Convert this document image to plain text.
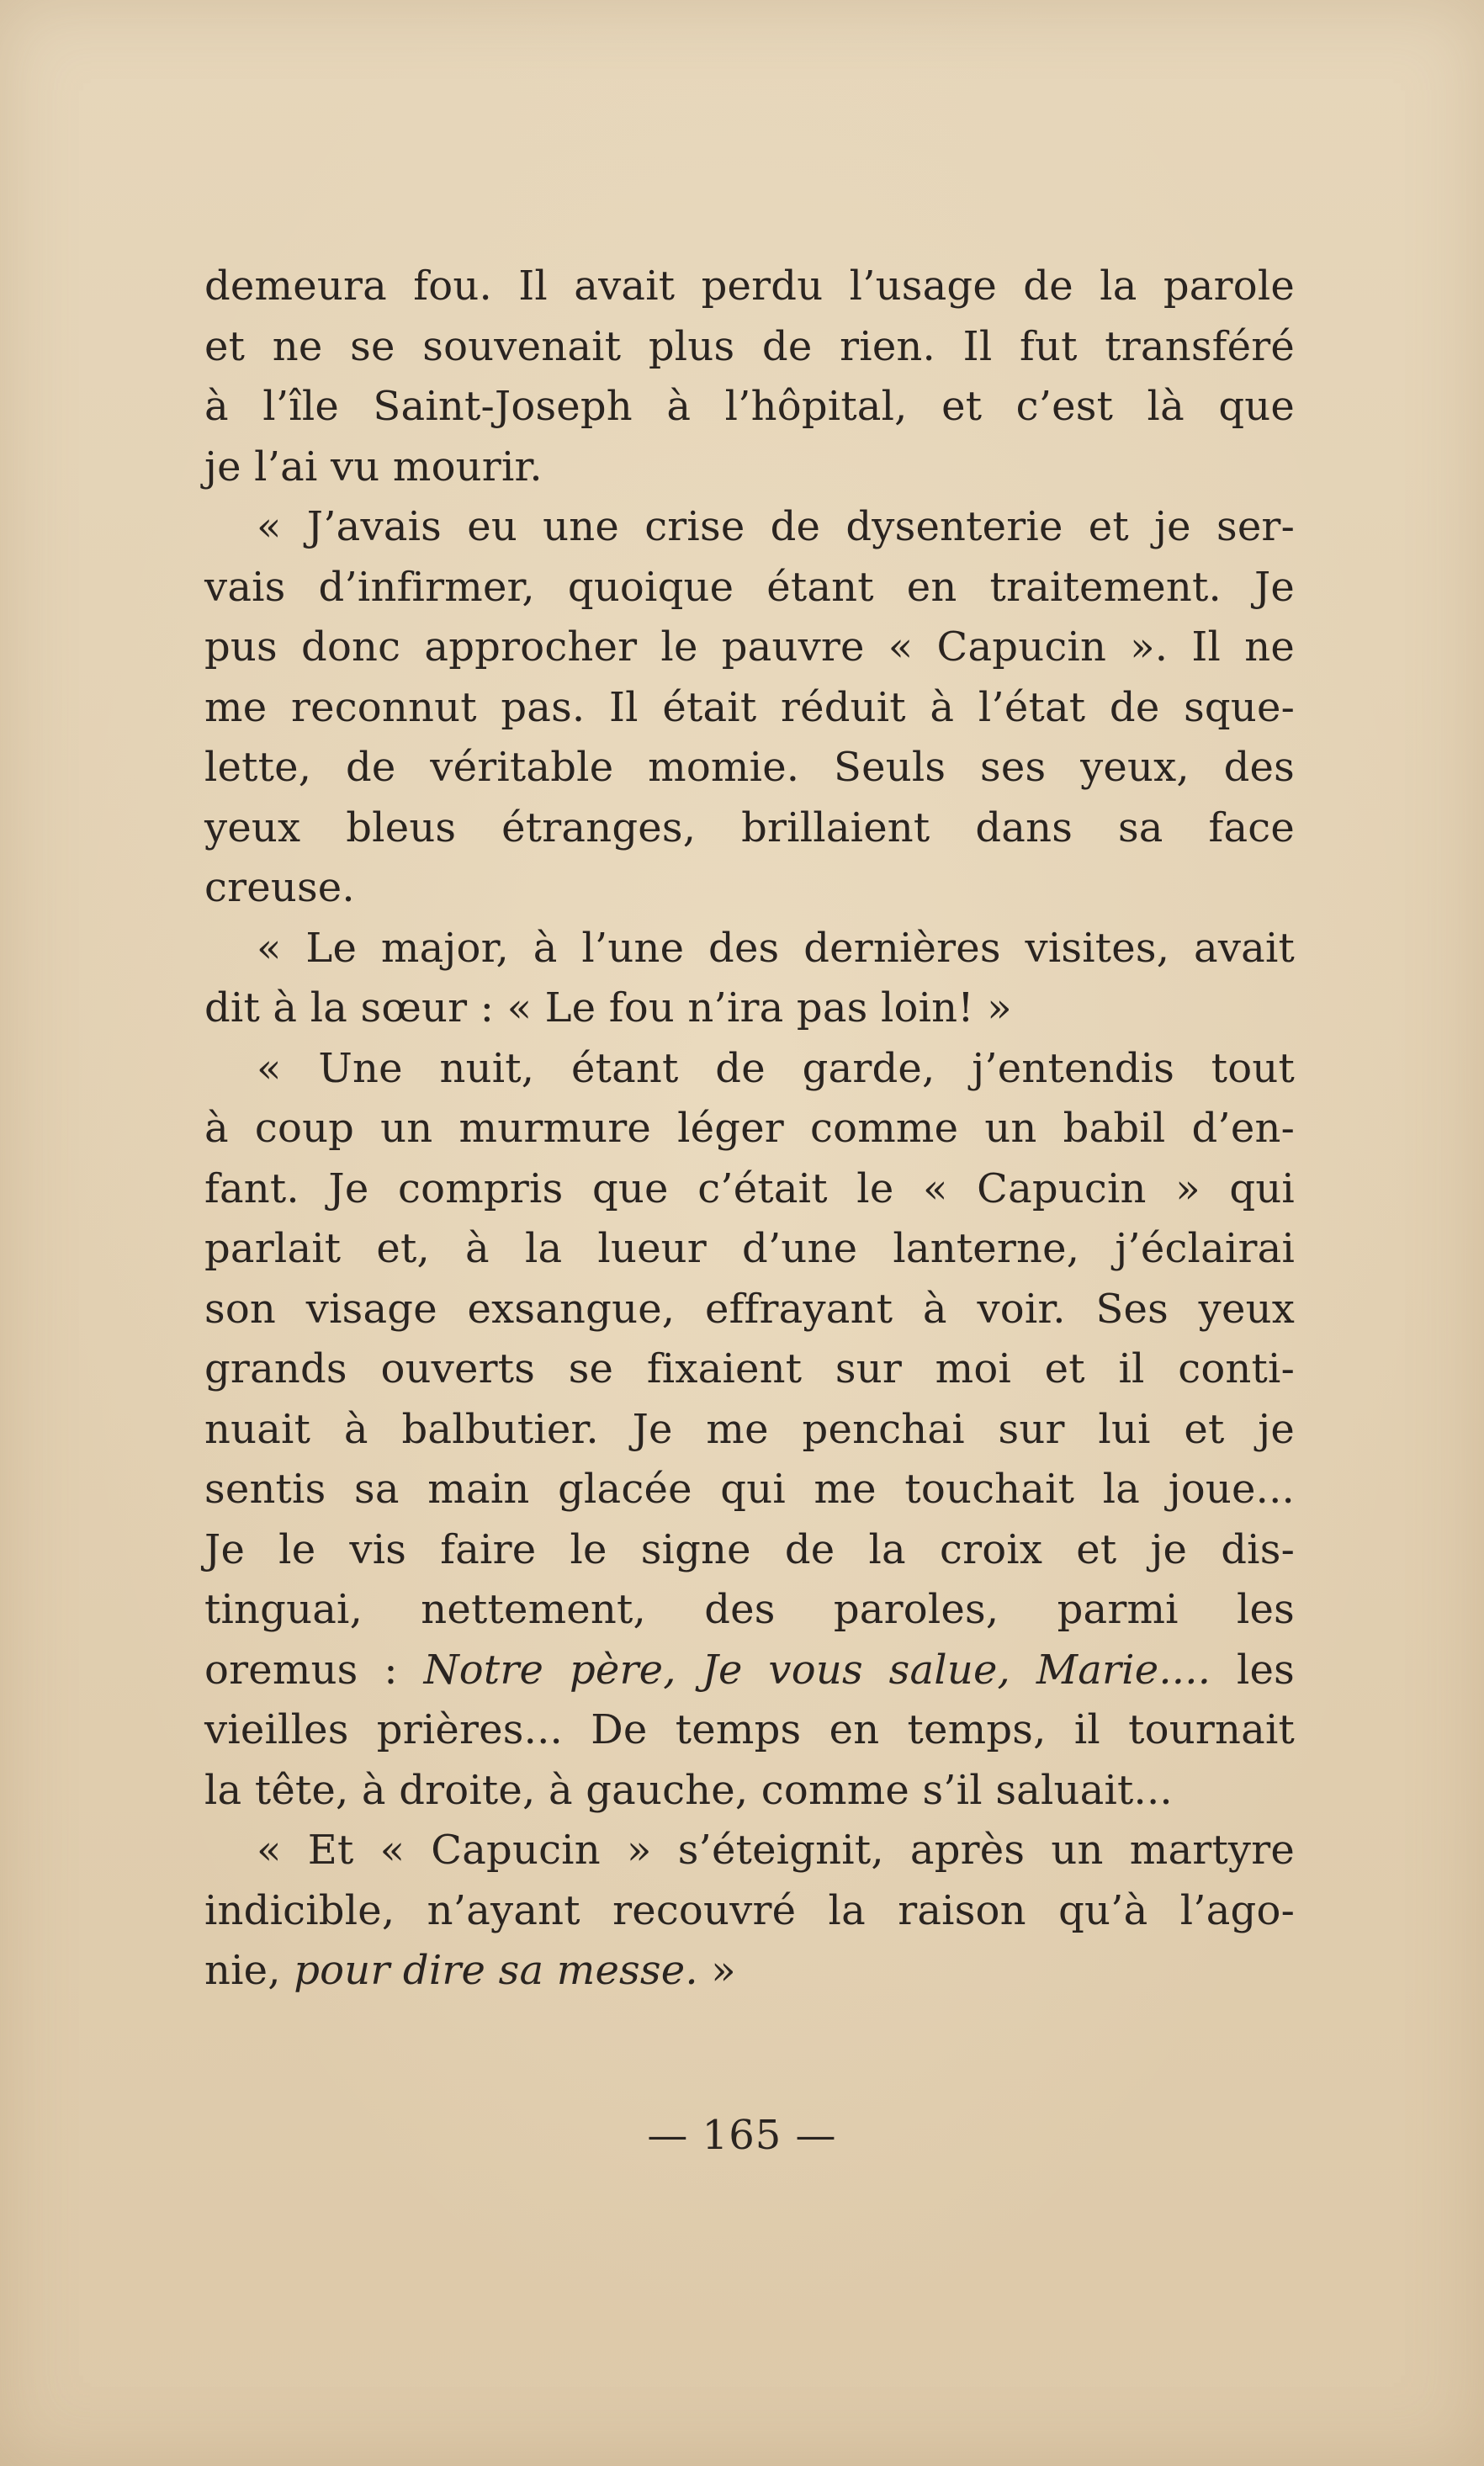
demeura fou. Il avait perdu l’usage de la parole
et ne se souvenait plus de rien. Il fut transféré
à l’île Saint-Joseph à l’hôpital, et c’est là que
je l’ai vu mourir.
« J’avais eu une crise de dysenterie et je ser-
vais d’infirmer, quoique étant en traitement. Je
pus donc approcher le pauvre « Capucin ». Il ne
me reconnut pas. Il était réduit à l’état de sque-
lette, de véritable momie. Seuls ses yeux, des
yeux bleus étranges, brillaient dans sa face
creuse.
« Le major, à l’une des dernières visites, avait
dit à la sœur : « Le fou n’ira pas loin! »
« Une nuit, étant de garde, j’entendis tout
à coup un murmure léger comme un babil d’en-
fant. Je compris que c’était le « Capucin » qui
parlait et, à la lueur d’une lanterne, j’éclairai
son visage exsangue, effrayant à voir. Ses yeux
grands ouverts se fixaient sur moi et il conti-
nuait à balbutier. Je me penchai sur lui et je
sentis sa main glacée qui me touchait la joue...
Je le vis faire le signe de la croix et je dis-
tinguai, nettement, des paroles, parmi les
oremus : Notre père, Je vous salue, Marie.... les
vieilles prières... De temps en temps, il tournait
la tête, à droite, à gauche, comme s’il saluait...
« Et « Capucin » s’éteignit, après un martyre
indicible, n’ayant recouvré la raison qu’à l’ago-
nie, pour dire sa messe. »
— 165 —
